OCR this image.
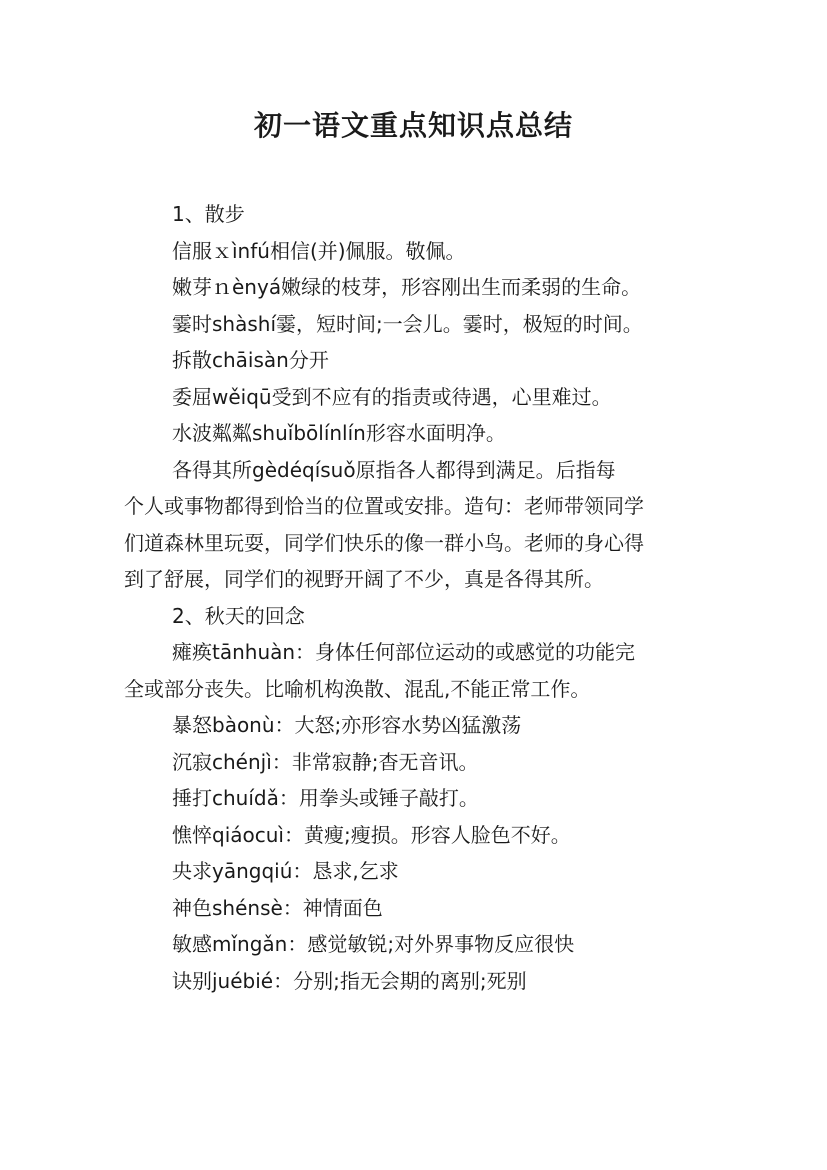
初一语文重点知识点总结
1、散步
信服ｘìnfú相信(并)佩服。敬佩。
嫩芽ｎènyá嫩绿的枝芽，形容刚出生而柔弱的生命。
霎时shàshí霎，短时间;一会儿。霎时，极短的时间。
拆散chāisàn分开
委屈wěiqū受到不应有的指责或待遇，心里难过。
水波粼粼shuǐbōlínlín形容水面明净。
各得其所gèdéqísuǒ原指各人都得到满足。后指每
个人或事物都得到恰当的位置或安排。造句：老师带领同学
们道森林里玩耍，同学们快乐的像一群小鸟。老师的身心得
到了舒展，同学们的视野开阔了不少，真是各得其所。
2、秋天的回念
瘫痪tānhuàn：身体任何部位运动的或感觉的功能完
全或部分丧失。比喻机构涣散、混乱,不能正常工作。
暴怒bàonù：大怒;亦形容水势凶猛激荡
沉寂chénjì：非常寂静;杳无音讯。
捶打chuídǎ：用拳头或锤子敲打。
憔悴qiáocuì：黄瘦;瘦损。形容人脸色不好。
央求yāngqiú：恳求,乞求
神色shénsè：神情面色
敏感mǐngǎn：感觉敏锐;对外界事物反应很快
诀别juébié：分别;指无会期的离别;死别
